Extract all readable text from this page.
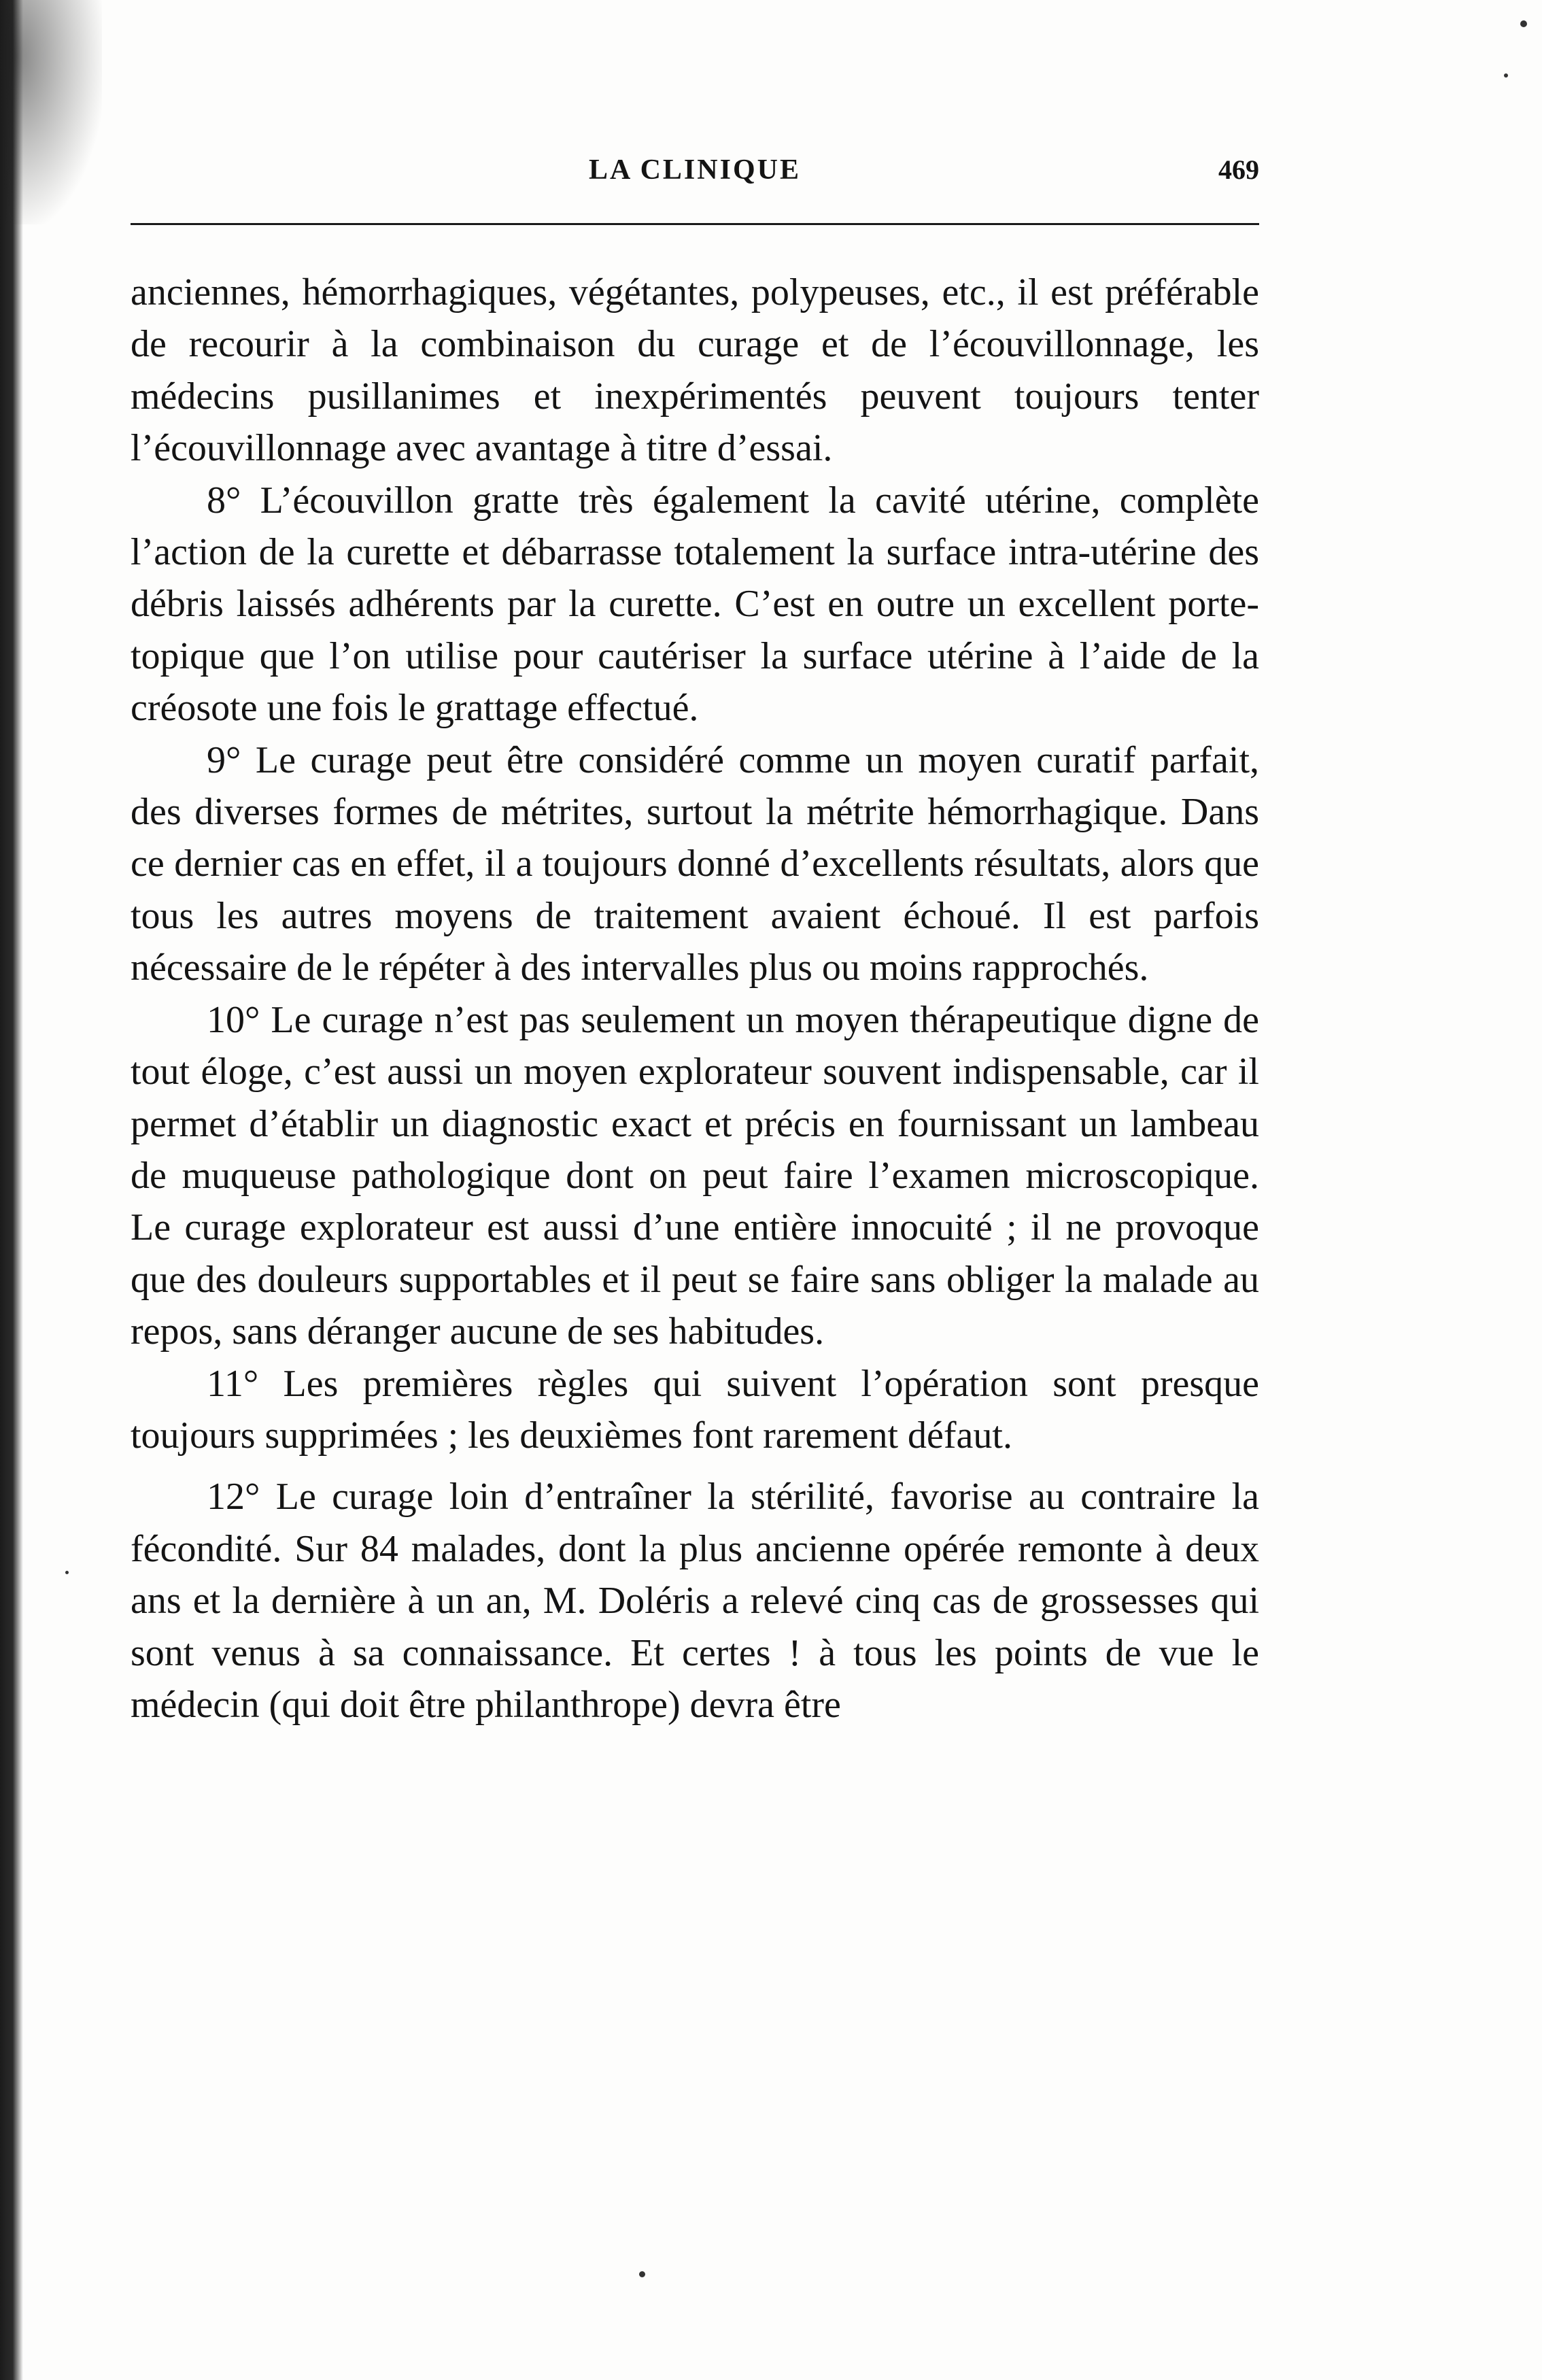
LA CLINIQUE	469

anciennes, hémorrhagiques, végétantes, polypeuses, etc., il est préférable de recourir à la combinaison du curage et de l’écouvillonnage, les médecins pusillanimes et inexpérimentés peuvent toujours tenter l’écouvillonnage avec avantage à titre d’essai.

8° L’écouvillon gratte très également la cavité utérine, complète l’action de la curette et débarrasse totalement la surface intra-utérine des débris laissés adhérents par la curette. C’est en outre un excellent porte-topique que l’on utilise pour cautériser la surface utérine à l’aide de la créosote une fois le grattage effectué.

9° Le curage peut être considéré comme un moyen curatif parfait, des diverses formes de métrites, surtout la métrite hémorrhagique. Dans ce dernier cas en effet, il a toujours donné d’excellents résultats, alors que tous les autres moyens de traitement avaient échoué. Il est parfois nécessaire de le répéter à des intervalles plus ou moins rapprochés.

10° Le curage n’est pas seulement un moyen thérapeutique digne de tout éloge, c’est aussi un moyen explorateur souvent indispensable, car il permet d’établir un diagnostic exact et précis en fournissant un lambeau de muqueuse pathologique dont on peut faire l’examen microscopique. Le curage explorateur est aussi d’une entière innocuité ; il ne provoque que des douleurs supportables et il peut se faire sans obliger la malade au repos, sans déranger aucune de ses habitudes.

11° Les premières règles qui suivent l’opération sont presque toujours supprimées ; les deuxièmes font rarement défaut.

12° Le curage loin d’entraîner la stérilité, favorise au contraire la fécondité. Sur 84 malades, dont la plus ancienne opérée remonte à deux ans et la dernière à un an, M. Doléris a relevé cinq cas de grossesses qui sont venus à sa connaissance. Et certes ! à tous les points de vue le médecin (qui doit être philanthrope) devra être
